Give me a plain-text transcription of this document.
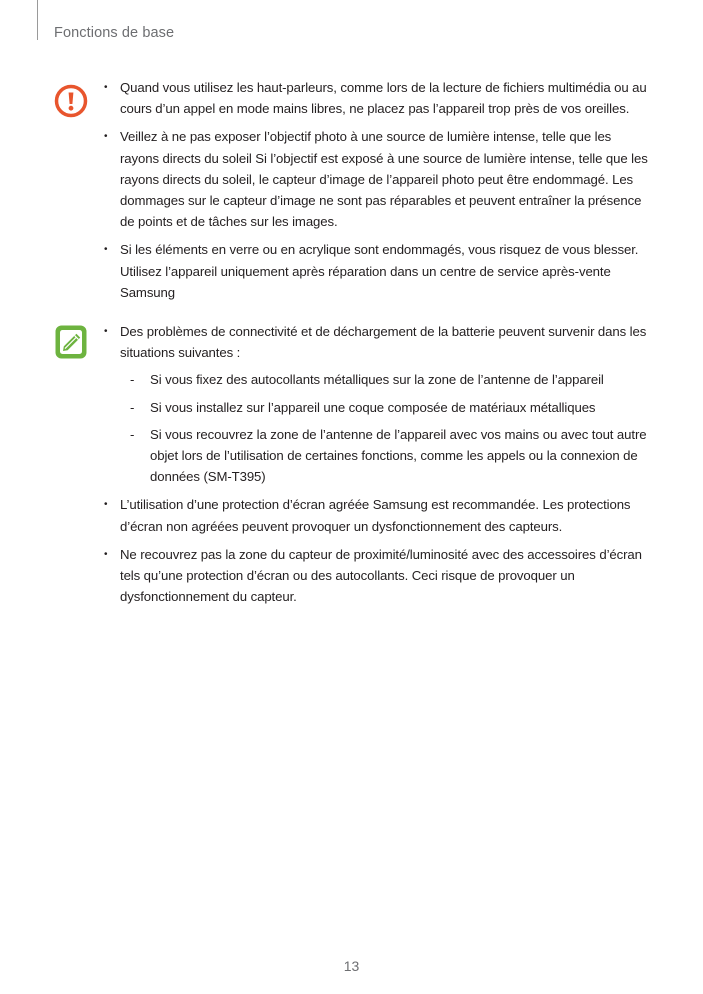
Fonctions de base
• Quand vous utilisez les haut-parleurs, comme lors de la lecture de fichiers multimédia ou au cours d’un appel en mode mains libres, ne placez pas l’appareil trop près de vos oreilles.
• Veillez à ne pas exposer l’objectif photo à une source de lumière intense, telle que les rayons directs du soleil Si l’objectif est exposé à une source de lumière intense, telle que les rayons directs du soleil, le capteur d’image de l’appareil photo peut être endommagé. Les dommages sur le capteur d’image ne sont pas réparables et peuvent entraîner la présence de points et de tâches sur les images.
• Si les éléments en verre ou en acrylique sont endommagés, vous risquez de vous blesser. Utilisez l’appareil uniquement après réparation dans un centre de service après-vente Samsung
• Des problèmes de connectivité et de déchargement de la batterie peuvent survenir dans les situations suivantes :
- Si vous fixez des autocollants métalliques sur la zone de l’antenne de l’appareil
- Si vous installez sur l’appareil une coque composée de matériaux métalliques
- Si vous recouvrez la zone de l’antenne de l’appareil avec vos mains ou avec tout autre objet lors de l’utilisation de certaines fonctions, comme les appels ou la connexion de données (SM-T395)
• L’utilisation d’une protection d’écran agréée Samsung est recommandée. Les protections d’écran non agréées peuvent provoquer un dysfonctionnement des capteurs.
• Ne recouvrez pas la zone du capteur de proximité/luminosité avec des accessoires d’écran tels qu’une protection d’écran ou des autocollants. Ceci risque de provoquer un dysfonctionnement du capteur.
13
